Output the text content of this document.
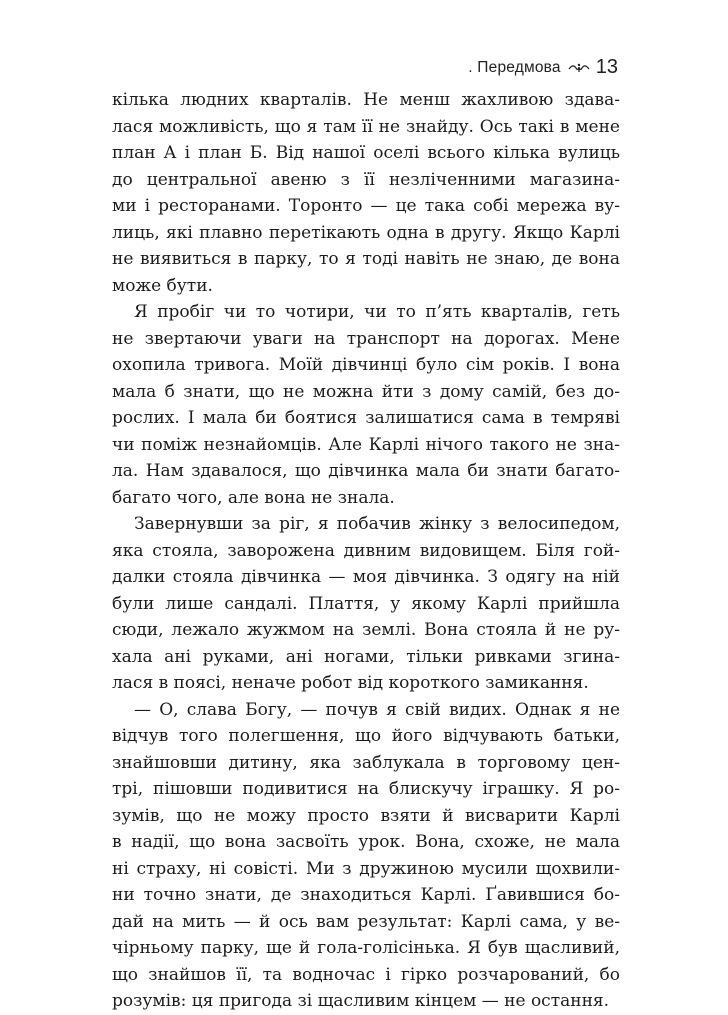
. Передмова 13

кілька людних кварталів. Не менш жахливою здава-
лася можливість, що я там її не знайду. Ось такі в мене
план А і план Б. Від нашої оселі всього кілька вулиць
до центральної авеню з її незліченними магазина-
ми і ресторанами. Торонто — це така собі мережа ву-
лиць, які плавно перетікають одна в другу. Якщо Карлі
не виявиться в парку, то я тоді навіть не знаю, де вона
може бути.

Я пробіг чи то чотири, чи то п’ять кварталів, геть
не звертаючи уваги на транспорт на дорогах. Мене
охопила тривога. Моїй дівчинці було сім років. І вона
мала б знати, що не можна йти з дому самій, без до-
рослих. І мала би боятися залишатися сама в темряві
чи поміж незнайомців. Але Карлі нічого такого не зна-
ла. Нам здавалося, що дівчинка мала би знати багато-
багато чого, але вона не знала.

Завернувши за ріг, я побачив жінку з велосипедом,
яка стояла, заворожена дивним видовищем. Біля гой-
далки стояла дівчинка — моя дівчинка. З одягу на ній
були лише сандалі. Плаття, у якому Карлі прийшла
сюди, лежало жужмом на землі. Вона стояла й не ру-
хала ані руками, ані ногами, тільки ривками згина-
лася в поясі, неначе робот від короткого замикання.

— О, слава Богу, — почув я свій видих. Однак я не
відчув того полегшення, що його відчувають батьки,
знайшовши дитину, яка заблукала в торговому цен-
трі, пішовши подивитися на блискучу іграшку. Я ро-
зумів, що не можу просто взяти й висварити Карлі
в надії, що вона засвоїть урок. Вона, схоже, не мала
ні страху, ні совісті. Ми з дружиною мусили щохвили-
ни точно знати, де знаходиться Карлі. Ґавившися бо-
дай на мить — й ось вам результат: Карлі сама, у ве-
чірньому парку, ще й гола-голісінька. Я був щасливий,
що знайшов її, та водночас і гірко розчарований, бо
розумів: ця пригода зі щасливим кінцем — не остання.
